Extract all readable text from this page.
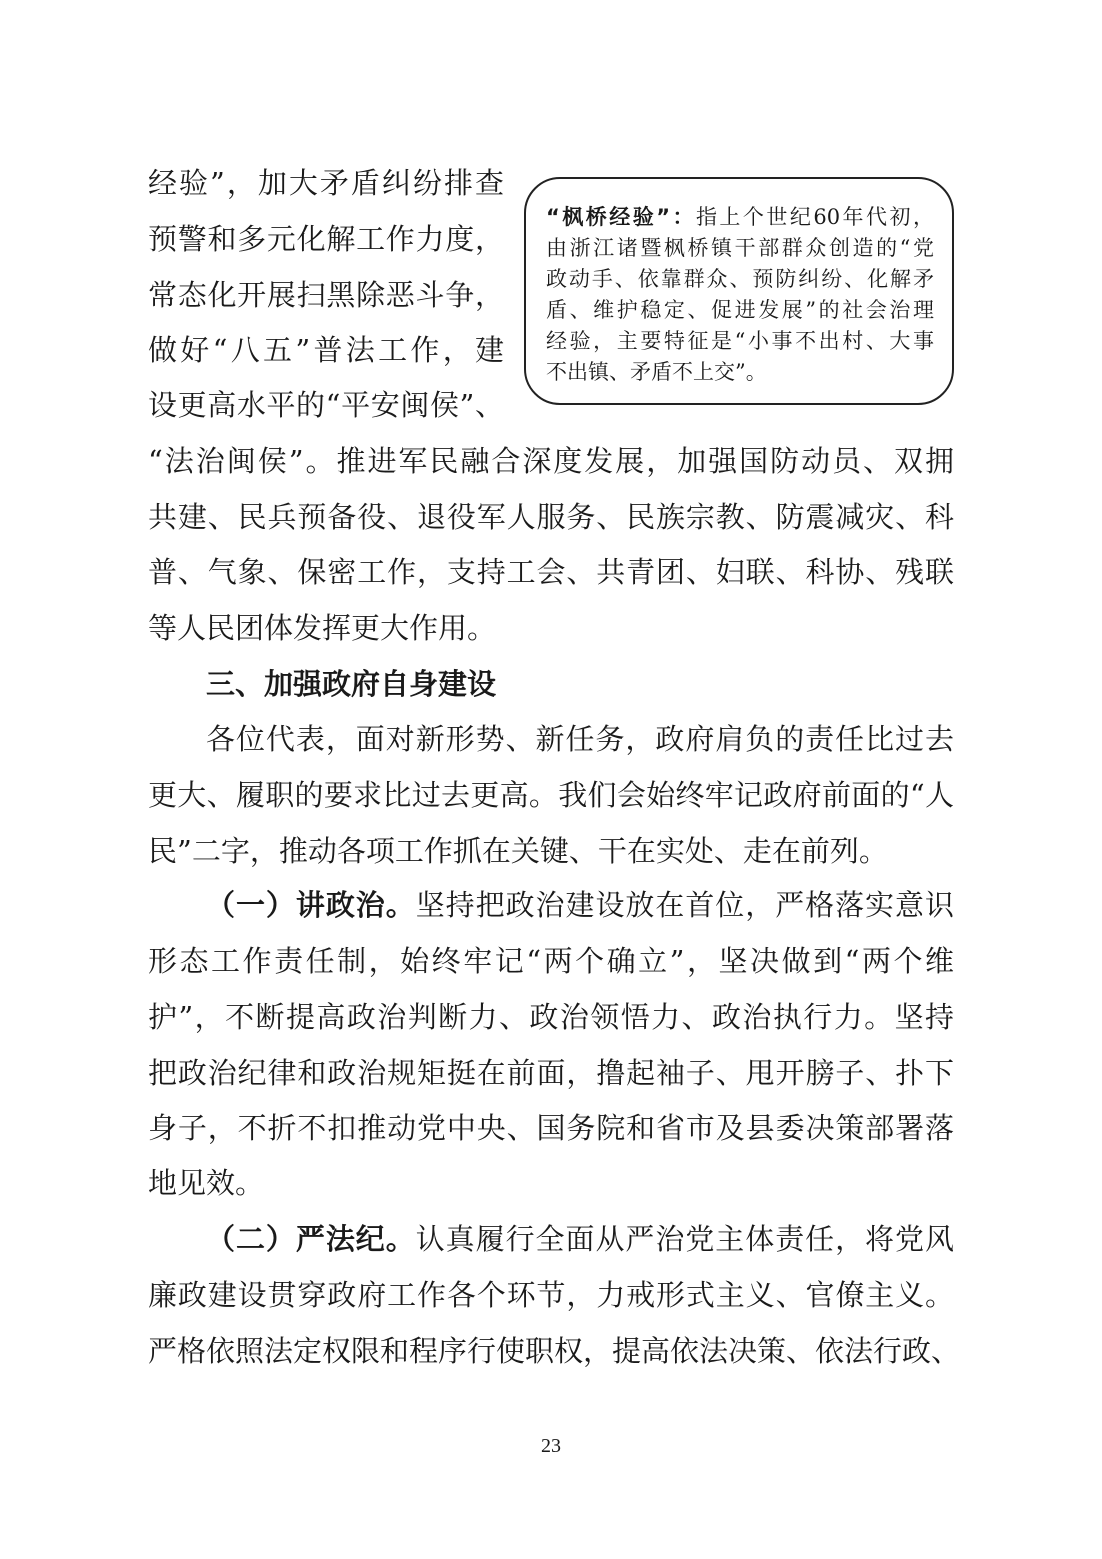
经验”，加大矛盾纠纷排查
预警和多元化解工作力度，
常态化开展扫黑除恶斗争，
做好“八五”普法工作，建
设更高水平的“平安闽侯”、
“枫桥经验”：指上个世纪60年代初，
由浙江诸暨枫桥镇干部群众创造的“党
政动手、依靠群众、预防纠纷、化解矛
盾、维护稳定、促进发展”的社会治理
经验，主要特征是“小事不出村、大事
不出镇、矛盾不上交”。
“法治闽侯”。推进军民融合深度发展，加强国防动员、双拥
共建、民兵预备役、退役军人服务、民族宗教、防震减灾、科
普、气象、保密工作，支持工会、共青团、妇联、科协、残联
等人民团体发挥更大作用。
三、加强政府自身建设
各位代表，面对新形势、新任务，政府肩负的责任比过去
更大、履职的要求比过去更高。我们会始终牢记政府前面的“人
民”二字，推动各项工作抓在关键、干在实处、走在前列。
（一）讲政治。坚持把政治建设放在首位，严格落实意识
形态工作责任制，始终牢记“两个确立”，坚决做到“两个维
护”，不断提高政治判断力、政治领悟力、政治执行力。坚持
把政治纪律和政治规矩挺在前面，撸起袖子、甩开膀子、扑下
身子，不折不扣推动党中央、国务院和省市及县委决策部署落
地见效。
（二）严法纪。认真履行全面从严治党主体责任，将党风
廉政建设贯穿政府工作各个环节，力戒形式主义、官僚主义。
严格依照法定权限和程序行使职权，提高依法决策、依法行政、
23
